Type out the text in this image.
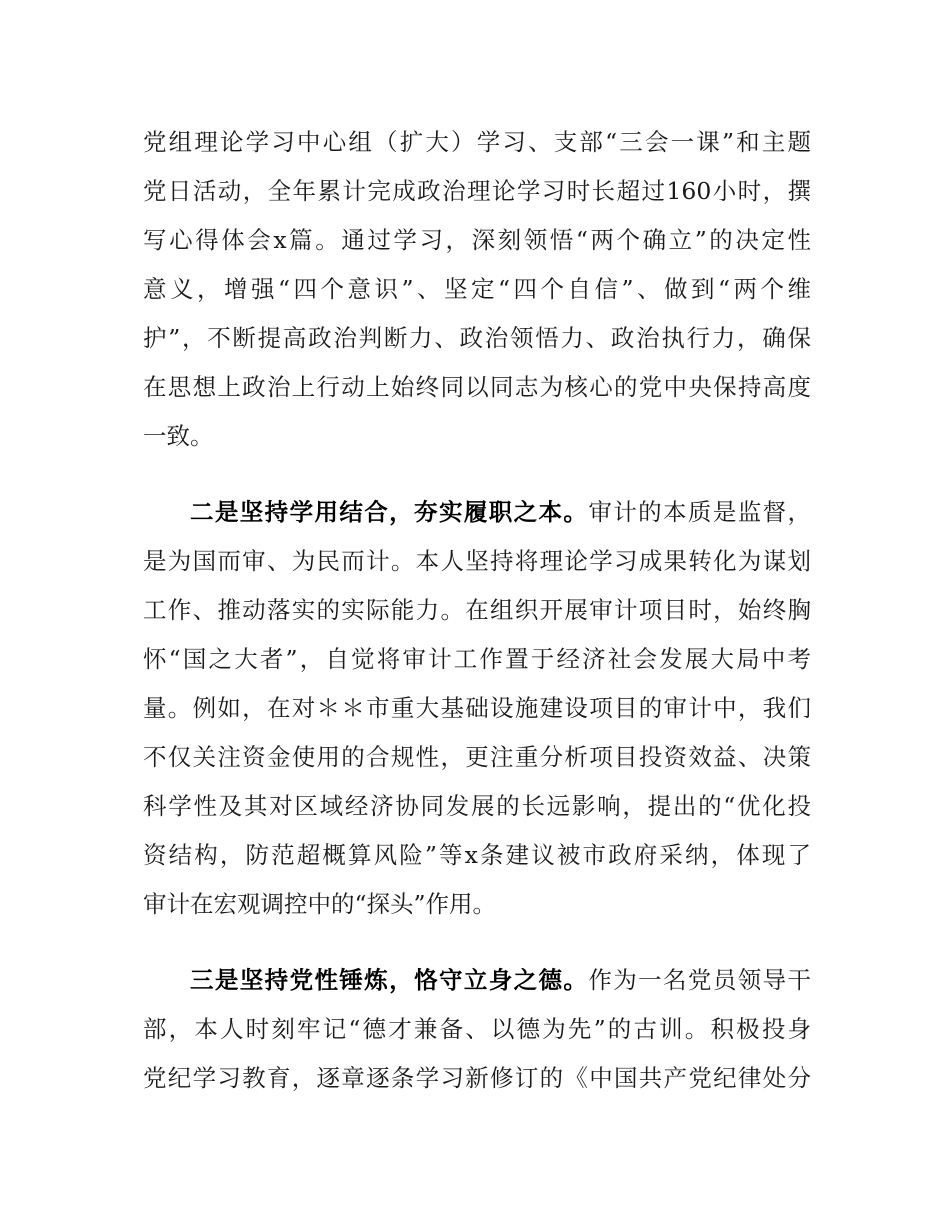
党组理论学习中心组（扩大）学习、支部“三会一课”和主题
党日活动，全年累计完成政治理论学习时长超过160小时，撰
写心得体会x篇。通过学习，深刻领悟“两个确立”的决定性
意义，增强“四个意识”、坚定“四个自信”、做到“两个维
护”，不断提高政治判断力、政治领悟力、政治执行力，确保
在思想上政治上行动上始终同以同志为核心的党中央保持高度
一致。
二是坚持学用结合，夯实履职之本。审计的本质是监督，
是为国而审、为民而计。本人坚持将理论学习成果转化为谋划
工作、推动落实的实际能力。在组织开展审计项目时，始终胸
怀“国之大者”，自觉将审计工作置于经济社会发展大局中考
量。例如，在对＊＊市重大基础设施建设项目的审计中，我们
不仅关注资金使用的合规性，更注重分析项目投资效益、决策
科学性及其对区域经济协同发展的长远影响，提出的“优化投
资结构，防范超概算风险”等x条建议被市政府采纳，体现了
审计在宏观调控中的“探头”作用。
三是坚持党性锤炼，恪守立身之德。作为一名党员领导干
部，本人时刻牢记“德才兼备、以德为先”的古训。积极投身
党纪学习教育，逐章逐条学习新修订的《中国共产党纪律处分
